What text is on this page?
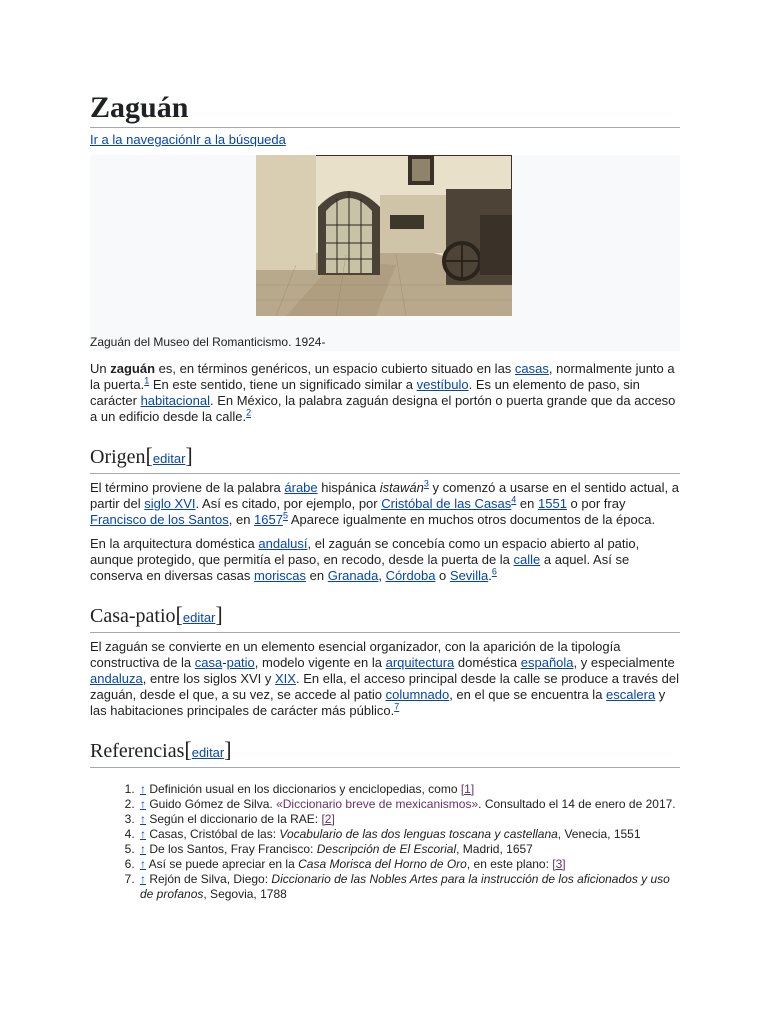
Zaguán
Ir a la navegaciónIr a la búsqueda
Zaguán del Museo del Romanticismo. 1924-

Un zaguán es, en términos genéricos, un espacio cubierto situado en las casas, normalmente junto a la puerta.$^1$ En este sentido, tiene un significado similar a vestíbulo. Es un elemento de paso, sin carácter habitacional. En México, la palabra zaguán designa el portón o puerta grande que da acceso a un edificio desde la calle.$^2$

Origen[editar]

El término proviene de la palabra árabe hispánica istawán$^3$ y comenzó a usarse en el sentido actual, a partir del siglo XVI. Así es citado, por ejemplo, por Cristóbal de las Casas$^4$ en 1551 o por fray Francisco de los Santos, en 1657$^5$ Aparece igualmente en muchos otros documentos de la época.

En la arquitectura doméstica andalusí, el zaguán se concebía como un espacio abierto al patio, aunque protegido, que permitía el paso, en recodo, desde la puerta de la calle a aquel. Así se conserva en diversas casas moriscas en Granada, Córdoba o Sevilla.$^6$

Casa-patio[editar]

El zaguán se convierte en un elemento esencial organizador, con la aparición de la tipología constructiva de la casa-patio, modelo vigente en la arquitectura doméstica española, y especialmente andaluza, entre los siglos XVI y XIX. En ella, el acceso principal desde la calle se produce a través del zaguán, desde el que, a su vez, se accede al patio columnado, en el que se encuentra la escalera y las habitaciones principales de carácter más público.$^7$

Referencias[editar]
1. ↑ Definición usual en los diccionarios y enciclopedias, como [1]
2. ↑ Guido Gómez de Silva. «Diccionario breve de mexicanismos». Consultado el 14 de enero de 2017.
3. ↑ Según el diccionario de la RAE: [2]
4. ↑ Casas, Cristóbal de las: Vocabulario de las dos lenguas toscana y castellana, Venecia, 1551
5. ↑ De los Santos, Fray Francisco: Descripción de El Escorial, Madrid, 1657
6. ↑ Así se puede apreciar en la Casa Morisca del Horno de Oro, en este plano: [3]
7. ↑ Rejón de Silva, Diego: Diccionario de las Nobles Artes para la instrucción de los aficionados y uso de profanos, Segovia, 1788
